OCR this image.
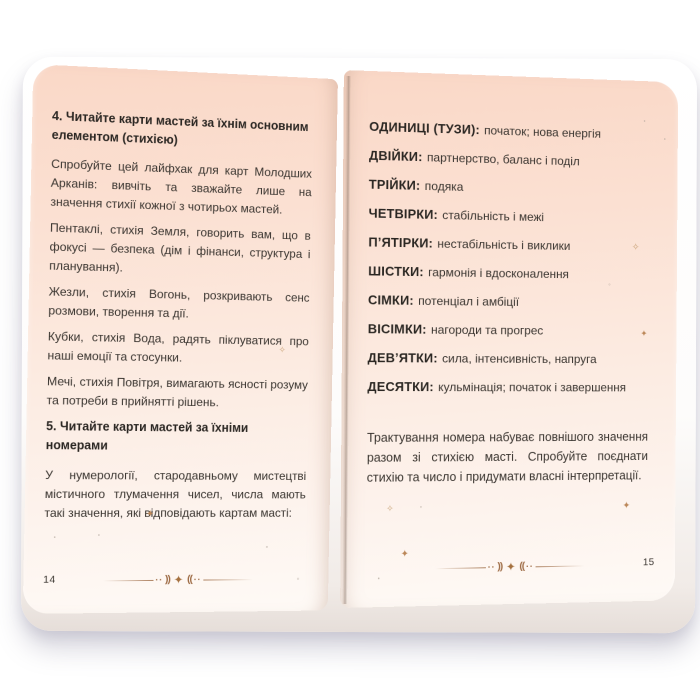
4. Читайте карти мастей за їхнім основним елементом (стихією)

Спробуйте цей лайфхак для карт Молодших Арканів: вивчіть та зважайте лише на значення стихії кожної з чотирьох мастей.

Пентаклі, стихія Земля, говорить вам, що в фокусі — безпека (дім і фінанси, структура і планування).

Жезли, стихія Вогонь, розкривають сенс розмови, творення та дії.

Кубки, стихія Вода, радять піклуватися про наші емоції та стосунки.

Мечі, стихія Повітря, вимагають ясності розуму та потреби в прийнятті рішень.

5. Читайте карти мастей за їхніми номерами

У нумерології, стародавньому мистецтві містичного тлумачення чисел, числа мають такі значення, які відповідають картам масті:

◦
✧
✦
•
•
▫
▫
·· )) ✦ (( ··
14
ОДИНИЦІ (ТУЗИ): початок; нова енергія
ДВІЙКИ: партнерство, баланс і поділ
ТРІЙКИ: подяка
ЧЕТВІРКИ: стабільність і межі
П’ЯТІРКИ: нестабільність і виклики
ШІСТКИ: гармонія і вдосконалення
СІМКИ: потенціал і амбіції
ВІСІМКИ: нагороди та прогрес
ДЕВ’ЯТКИ: сила, інтенсивність, напруга
ДЕСЯТКИ: кульмінація; початок і завершення

Трактування номера набуває повнішого значення разом зі стихією масті. Спробуйте поєднати стихію та число і придумати власні інтерпретації.

•
•
✧
◦
✦
✦
✧
◦
✦
•
·· )) ✦ (( ··	15
